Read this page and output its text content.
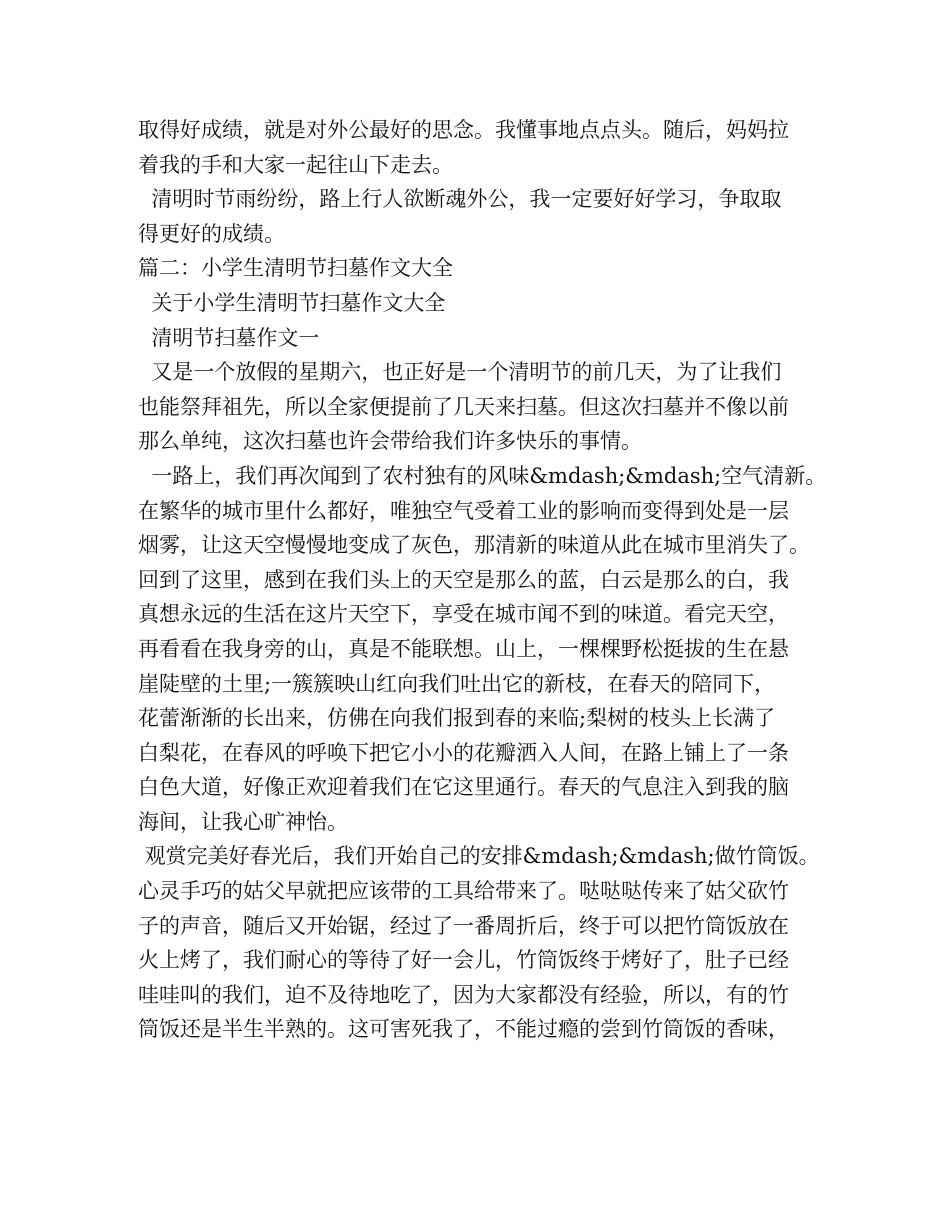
取得好成绩，就是对外公最好的思念。我懂事地点点头。随后，妈妈拉
着我的手和大家一起往山下走去。
清明时节雨纷纷，路上行人欲断魂外公，我一定要好好学习，争取取
得更好的成绩。
篇二：小学生清明节扫墓作文大全
关于小学生清明节扫墓作文大全
清明节扫墓作文一
又是一个放假的星期六，也正好是一个清明节的前几天，为了让我们
也能祭拜祖先，所以全家便提前了几天来扫墓。但这次扫墓并不像以前
那么单纯，这次扫墓也许会带给我们许多快乐的事情。
一路上，我们再次闻到了农村独有的风味&mdash;&mdash;空气清新。
在繁华的城市里什么都好，唯独空气受着工业的影响而变得到处是一层
烟雾，让这天空慢慢地变成了灰色，那清新的味道从此在城市里消失了。
回到了这里，感到在我们头上的天空是那么的蓝，白云是那么的白，我
真想永远的生活在这片天空下，享受在城市闻不到的味道。看完天空，
再看看在我身旁的山，真是不能联想。山上，一棵棵野松挺拔的生在悬
崖陡壁的土里;一簇簇映山红向我们吐出它的新枝，在春天的陪同下，
花蕾渐渐的长出来，仿佛在向我们报到春的来临;梨树的枝头上长满了
白梨花，在春风的呼唤下把它小小的花瓣洒入人间，在路上铺上了一条
白色大道，好像正欢迎着我们在它这里通行。春天的气息注入到我的脑
海间，让我心旷神怡。
观赏完美好春光后，我们开始自己的安排&mdash;&mdash;做竹筒饭。
心灵手巧的姑父早就把应该带的工具给带来了。哒哒哒传来了姑父砍竹
子的声音，随后又开始锯，经过了一番周折后，终于可以把竹筒饭放在
火上烤了，我们耐心的等待了好一会儿，竹筒饭终于烤好了，肚子已经
哇哇叫的我们，迫不及待地吃了，因为大家都没有经验，所以，有的竹
筒饭还是半生半熟的。这可害死我了，不能过瘾的尝到竹筒饭的香味，
